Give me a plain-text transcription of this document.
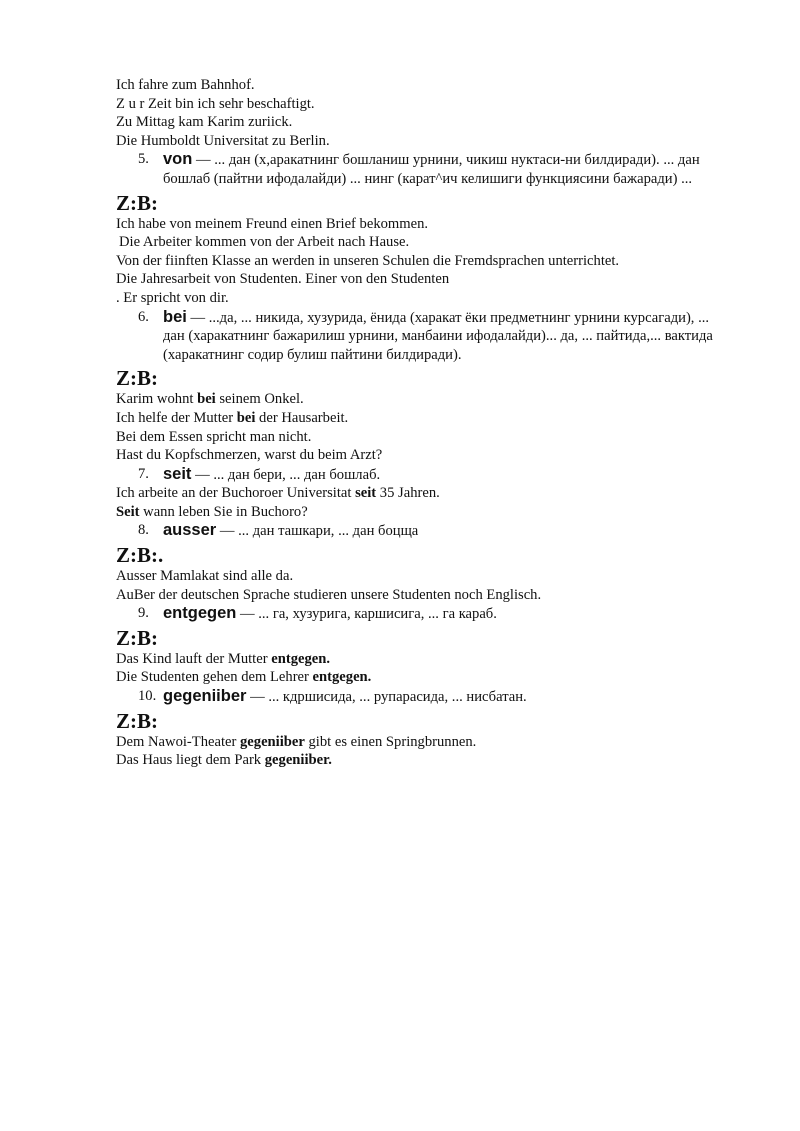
Ich fahre zum Bahnhof.
Z u r Zeit bin ich sehr beschaftigt.
Zu Mittag kam Karim zuriick.
Die Humboldt Universitat zu Berlin.
5. von — ... дан (х,аракатнинг бошланиш урнини, чикиш нуктаси-ни билдиради). ... дан бошлаб (пайтни ифодалайди) ... нинг (карат^ич келишиги функциясини бажаради) ...
Z:B:
Ich habe von meinem Freund einen Brief bekommen.
Die Arbeiter kommen von der Arbeit nach Hause.
Von der fiinften Klasse an werden in unseren Schulen die Fremdsprachen unterrichtet.
Die Jahresarbeit von Studenten. Einer von den Studenten
. Er spricht von dir.
6. bei — ...да, ... никида, хузурида, ёнида (харакат ёки предметнинг урнини курсагади), ... дан (харакатнинг бажарилиш урнини, манбаини ифодалайди)... да, ... пайтида,... вактида (харакатнинг содир булиш пайтини билдиради).
Z:B:
Karim wohnt bei seinem Onkel.
Ich helfe der Mutter bei der Hausarbeit.
Bei dem Essen spricht man nicht.
Hast du Kopfschmerzen, warst du beim Arzt?
7. seit — ... дан бери, ... дан бошлаб.
Ich arbeite an der Buchoroer Universitat seit 35 Jahren.
Seit wann leben Sie in Buchoro?
8. ausser — ... дан ташкари, ... дан боцща
Z:B:.
Ausser Mamlakat sind alle da.
AuBer der deutschen Sprache studieren unsere Studenten noch Englisch.
9. entgegen — ... га, хузурига, каршисига, ... га караб.
Z:B:
Das Kind lauft der Mutter entgegen.
Die Studenten gehen dem Lehrer entgegen.
10. gegeniiber — ... кдршисида, ... рупарасида, ... нисбатан.
Z:B:
Dem Nawoi-Theater gegeniiber gibt es einen Springbrunnen.
Das Haus liegt dem Park gegeniiber.
